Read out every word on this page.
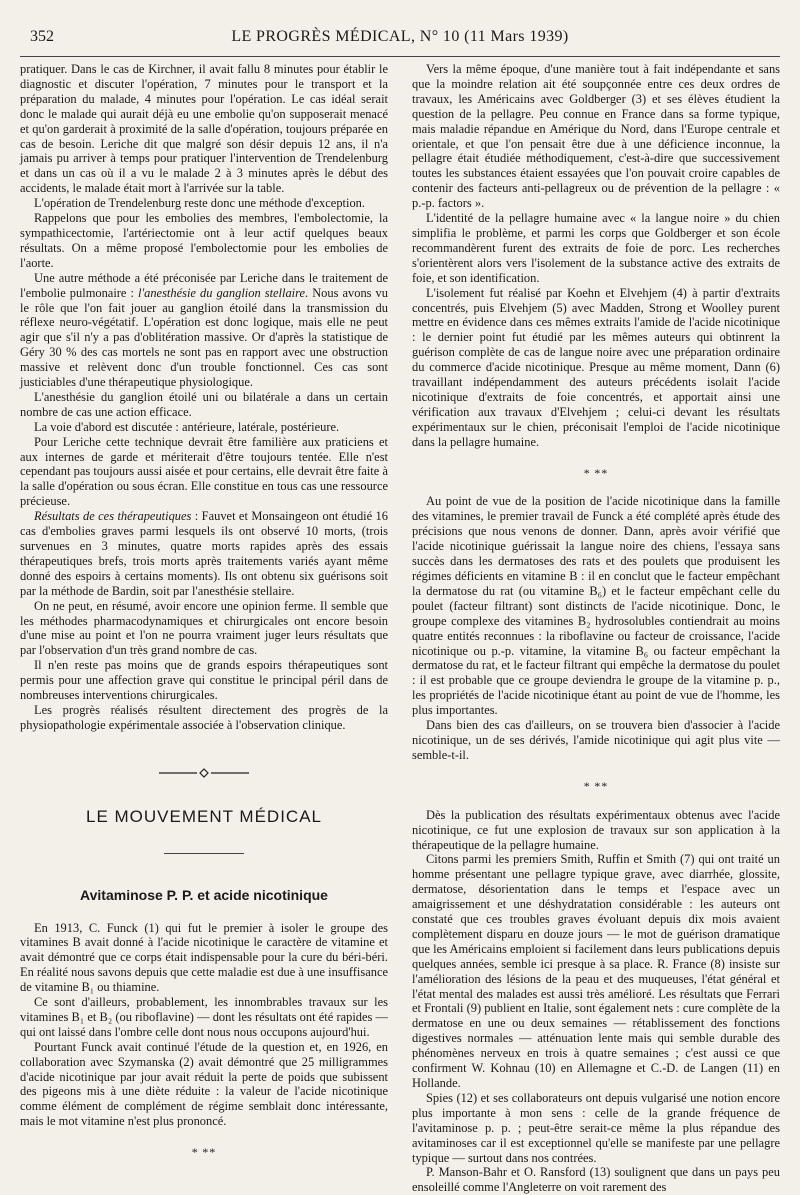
352	LE PROGRÈS MÉDICAL, N° 10 (11 Mars 1939)

pratiquer. Dans le cas de Kirchner, il avait fallu 8 minutes pour établir le diagnostic et discuter l'opération, 7 minutes pour le transport et la préparation du malade, 4 minutes pour l'opération. Le cas idéal serait donc le malade qui aurait déjà eu une embolie qu'on supposerait menacé et qu'on garderait à proximité de la salle d'opération, toujours préparée en cas de besoin. Leriche dit que malgré son désir depuis 12 ans, il n'a jamais pu arriver à temps pour pratiquer l'intervention de Trendelenburg et dans un cas où il a vu le malade 2 à 3 minutes après le début des accidents, le malade était mort à l'arrivée sur la table.

L'opération de Trendelenburg reste donc une méthode d'exception.

Rappelons que pour les embolies des membres, l'embolectomie, la sympathicectomie, l'artériectomie ont à leur actif quelques beaux résultats. On a même proposé l'embolectomie pour les embolies de l'aorte.

Une autre méthode a été préconisée par Leriche dans le traitement de l'embolie pulmonaire : l'anesthésie du ganglion stellaire. Nous avons vu le rôle que l'on fait jouer au ganglion étoilé dans la transmission du réflexe neuro-végétatif. L'opération est donc logique, mais elle ne peut agir que s'il n'y a pas d'oblitération massive. Or d'après la statistique de Géry 30 % des cas mortels ne sont pas en rapport avec une obstruction massive et relèvent donc d'un trouble fonctionnel. Ces cas sont justiciables d'une thérapeutique physiologique.

L'anesthésie du ganglion étoilé uni ou bilatérale a dans un certain nombre de cas une action efficace.

La voie d'abord est discutée : antérieure, latérale, postérieure.

Pour Leriche cette technique devrait être familière aux praticiens et aux internes de garde et mériterait d'être toujours tentée. Elle n'est cependant pas toujours aussi aisée et pour certains, elle devrait être faite à la salle d'opération ou sous écran. Elle constitue en tous cas une ressource précieuse.

Résultats de ces thérapeutiques : Fauvet et Monsaingeon ont étudié 16 cas d'embolies graves parmi lesquels ils ont observé 10 morts, (trois survenues en 3 minutes, quatre morts rapides après des essais thérapeutiques brefs, trois morts après traitements variés ayant même donné des espoirs à certains moments). Ils ont obtenu six guérisons soit par la méthode de Bardin, soit par l'anesthésie stellaire.

On ne peut, en résumé, avoir encore une opinion ferme. Il semble que les méthodes pharmacodynamiques et chirurgicales ont encore besoin d'une mise au point et l'on ne pourra vraiment juger leurs résultats que par l'observation d'un très grand nombre de cas.

Il n'en reste pas moins que de grands espoirs thérapeutiques sont permis pour une affection grave qui constitue le principal péril dans de nombreuses interventions chirurgicales.

Les progrès réalisés résultent directement des progrès de la physiopathologie expérimentale associée à l'observation clinique.

LE MOUVEMENT MÉDICAL
Avitaminose P. P. et acide nicotinique

En 1913, C. Funck (1) qui fut le premier à isoler le groupe des vitamines B avait donné à l'acide nicotinique le caractère de vitamine et avait démontré que ce corps était indispensable pour la cure du béri-béri. En réalité nous savons depuis que cette maladie est due à une insuffisance de vitamine B₁ ou thiamine.

Ce sont d'ailleurs, probablement, les innombrables travaux sur les vitamines B₁ et B₂ (ou riboflavine) — dont les résultats ont été rapides — qui ont laissé dans l'ombre celle dont nous nous occupons aujourd'hui.

Pourtant Funck avait continué l'étude de la question et, en 1926, en collaboration avec Szymanska (2) avait démontré que 25 milligrammes d'acide nicotinique par jour avait réduit la perte de poids que subissent des pigeons mis à une diète réduite : la valeur de l'acide nicotinique comme élément de complément de régime semblait donc intéressante, mais le mot vitamine n'est plus prononcé.

* **

Vers la même époque, d'une manière tout à fait indépendante et sans que la moindre relation ait été soupçonnée entre ces deux ordres de travaux, les Américains avec Goldberger (3) et ses élèves étudient la question de la pellagre. Peu connue en France dans sa forme typique, mais maladie répandue en Amérique du Nord, dans l'Europe centrale et orientale, et que l'on pensait être due à une déficience inconnue, la pellagre était étudiée méthodiquement, c'est-à-dire que successivement toutes les substances étaient essayées que l'on pouvait croire capables de contenir des facteurs anti-pellagreux ou de prévention de la pellagre : « p.-p. factors ».

L'identité de la pellagre humaine avec « la langue noire » du chien simplifia le problème, et parmi les corps que Goldberger et son école recommandèrent furent des extraits de foie de porc. Les recherches s'orientèrent alors vers l'isolement de la substance active des extraits de foie, et son identification.

L'isolement fut réalisé par Koehn et Elvehjem (4) à partir d'extraits concentrés, puis Elvehjem (5) avec Madden, Strong et Woolley purent mettre en évidence dans ces mêmes extraits l'amide de l'acide nicotinique : le dernier point fut étudié par les mêmes auteurs qui obtinrent la guérison complète de cas de langue noire avec une préparation ordinaire du commerce d'acide nicotinique. Presque au même moment, Dann (6) travaillant indépendamment des auteurs précédents isolait l'acide nicotinique d'extraits de foie concentrés, et apportait ainsi une vérification aux travaux d'Elvehjem ; celui-ci devant les résultats expérimentaux sur le chien, préconisait l'emploi de l'acide nicotinique dans la pellagre humaine.

* **

Au point de vue de la position de l'acide nicotinique dans la famille des vitamines, le premier travail de Funck a été complété après étude des précisions que nous venons de donner. Dann, après avoir vérifié que l'acide nicotinique guérissait la langue noire des chiens, l'essaya sans succès dans les dermatoses des rats et des poulets que produisent les régimes déficients en vitamine B : il en conclut que le facteur empêchant la dermatose du rat (ou vitamine B₆) et le facteur empêchant celle du poulet (facteur filtrant) sont distincts de l'acide nicotinique. Donc, le groupe complexe des vitamines B₂ hydrosolubles contiendrait au moins quatre entités reconnues : la riboflavine ou facteur de croissance, l'acide nicotinique ou p.-p. vitamine, la vitamine B₆ ou facteur empêchant la dermatose du rat, et le facteur filtrant qui empêche la dermatose du poulet : il est probable que ce groupe deviendra le groupe de la vitamine p. p., les propriétés de l'acide nicotinique étant au point de vue de l'homme, les plus importantes.

Dans bien des cas d'ailleurs, on se trouvera bien d'associer à l'acide nicotinique, un de ses dérivés, l'amide nicotinique qui agit plus vite — semble-t-il.

* **

Dès la publication des résultats expérimentaux obtenus avec l'acide nicotinique, ce fut une explosion de travaux sur son application à la thérapeutique de la pellagre humaine.

Citons parmi les premiers Smith, Ruffin et Smith (7) qui ont traité un homme présentant une pellagre typique grave, avec diarrhée, glossite, dermatose, désorientation dans le temps et l'espace avec un amaigrissement et une déshydratation considérable : les auteurs ont constaté que ces troubles graves évoluant depuis dix mois avaient complètement disparu en douze jours — le mot de guérison dramatique que les Américains emploient si facilement dans leurs publications depuis quelques années, semble ici presque à sa place. R. France (8) insiste sur l'amélioration des lésions de la peau et des muqueuses, l'état général et l'état mental des malades est aussi très amélioré. Les résultats que Ferrari et Frontali (9) publient en Italie, sont également nets : cure complète de la dermatose en une ou deux semaines — rétablissement des fonctions digestives normales — atténuation lente mais qui semble durable des phénomènes nerveux en trois à quatre semaines ; c'est aussi ce que confirment W. Kohnau (10) en Allemagne et C.-D. de Langen (11) en Hollande.

Spies (12) et ses collaborateurs ont depuis vulgarisé une notion encore plus importante à mon sens : celle de la grande fréquence de l'avitaminose p. p. ; peut-être serait-ce même la plus répandue des avitaminoses car il est exceptionnel qu'elle se manifeste par une pellagre typique — surtout dans nos contrées.

P. Manson-Bahr et O. Ransford (13) soulignent que dans un pays peu ensoleillé comme l'Angleterre on voit rarement des
